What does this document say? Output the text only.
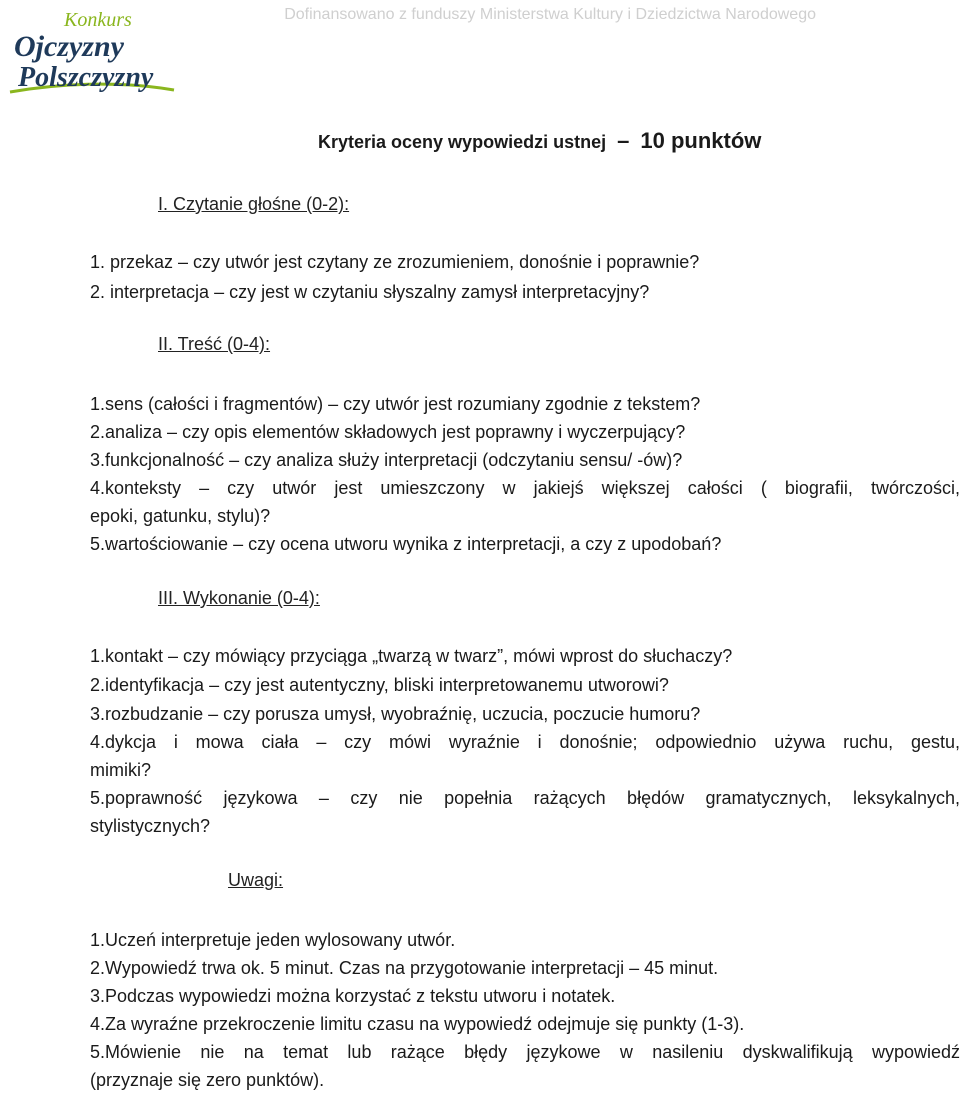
Konkurs
Ojczyzny
Polszczyzny
Dofinansowano z funduszy Ministerstwa Kultury i Dziedzictwa Narodowego
Kryteria oceny wypowiedzi ustnej – 10 punktów
I. Czytanie głośne (0-2):
1. przekaz – czy utwór jest czytany ze zrozumieniem, donośnie i poprawnie?
2. interpretacja – czy jest w czytaniu słyszalny zamysł interpretacyjny?
II. Treść (0-4):
1.sens (całości i fragmentów) – czy utwór jest rozumiany zgodnie z tekstem?
2.analiza – czy opis elementów składowych jest poprawny i wyczerpujący?
3.funkcjonalność – czy analiza służy interpretacji (odczytaniu sensu/ -ów)?
4.konteksty – czy utwór jest umieszczony w jakiejś większej całości ( biografii, twórczości,
epoki, gatunku, stylu)?
5.wartościowanie – czy ocena utworu wynika z interpretacji, a czy z upodobań?
III. Wykonanie (0-4):
1.kontakt – czy mówiący przyciąga „twarzą w twarz”, mówi wprost do słuchaczy?
2.identyfikacja – czy jest autentyczny, bliski interpretowanemu utworowi?
3.rozbudzanie – czy porusza umysł, wyobraźnię, uczucia, poczucie humoru?
4.dykcja i mowa ciała – czy mówi wyraźnie i donośnie; odpowiednio używa ruchu, gestu,
mimiki?
5.poprawność językowa – czy nie popełnia rażących błędów gramatycznych, leksykalnych,
stylistycznych?
Uwagi:
1.Uczeń interpretuje jeden wylosowany utwór.
2.Wypowiedź trwa ok. 5 minut. Czas na przygotowanie interpretacji – 45 minut.
3.Podczas wypowiedzi można korzystać z tekstu utworu i notatek.
4.Za wyraźne przekroczenie limitu czasu na wypowiedź odejmuje się punkty (1-3).
5.Mówienie nie na temat lub rażące błędy językowe w nasileniu dyskwalifikują wypowiedź
(przyznaje się zero punktów).
